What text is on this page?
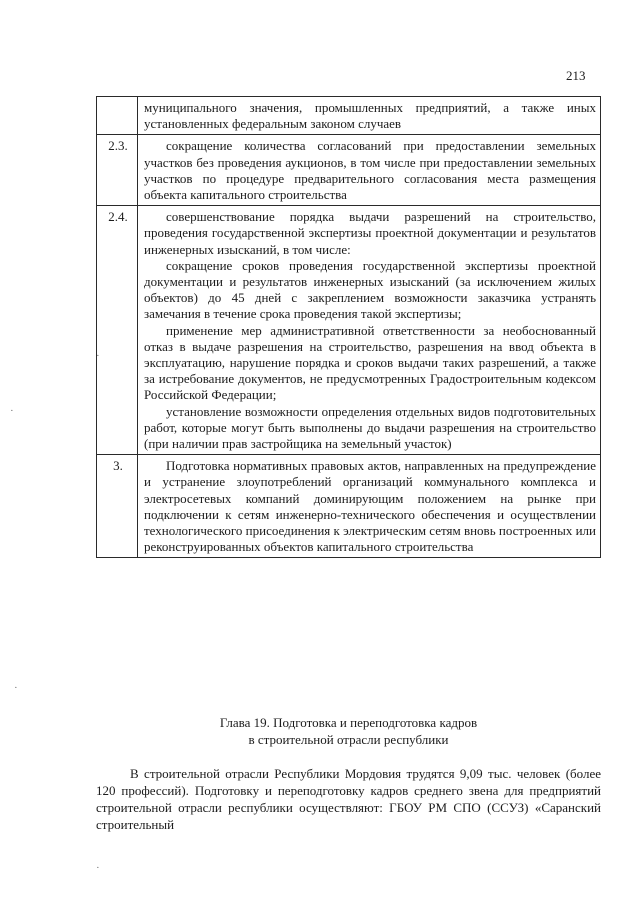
213

	муниципального значения, промышленных предприятий, а также иных установленных федеральным законом случаев

2.3.	сокращение количества согласований при предоставлении земельных участков без проведения аукционов, в том числе при предоставлении земельных участков по процедуре предварительного согласования места размещения объекта капитального строительства

2.4.	совершенствование порядка выдачи разрешений на строительство, проведения государственной экспертизы проектной документации и результатов инженерных изысканий, в том числе:

сокращение сроков проведения государственной экспертизы проектной документации и результатов инженерных изысканий (за исключением жилых объектов) до 45 дней с закреплением возможности заказчика устранять замечания в течение срока проведения такой экспертизы;

применение мер административной ответственности за необоснованный отказ в выдаче разрешения на строительство, разрешения на ввод объекта в эксплуатацию, нарушение порядка и сроков выдачи таких разрешений, а также за истребование документов, не предусмотренных Градостроительным кодексом Российской Федерации;

установление возможности определения отдельных видов подготовительных работ, которые могут быть выполнены до выдачи разрешения на строительство (при наличии прав застройщика на земельный участок)

3.	Подготовка нормативных правовых актов, направленных на предупреждение и устранение злоупотреблений организаций коммунального комплекса и электросетевых компаний доминирующим положением на рынке при подключении к сетям инженерно-технического обеспечения и осуществлении технологического присоединения к электрическим сетям вновь построенных или реконструированных объектов капитального строительства

Глава 19. Подготовка и переподготовка кадров
в строительной отрасли республики

В строительной отрасли Республики Мордовия трудятся 9,09 тыс. человек (более 120 профессий). Подготовку и переподготовку кадров среднего звена для предприятий строительной отрасли республики осуществляют: ГБОУ РМ СПО (ССУЗ) «Саранский строительный

·
·
·
·
